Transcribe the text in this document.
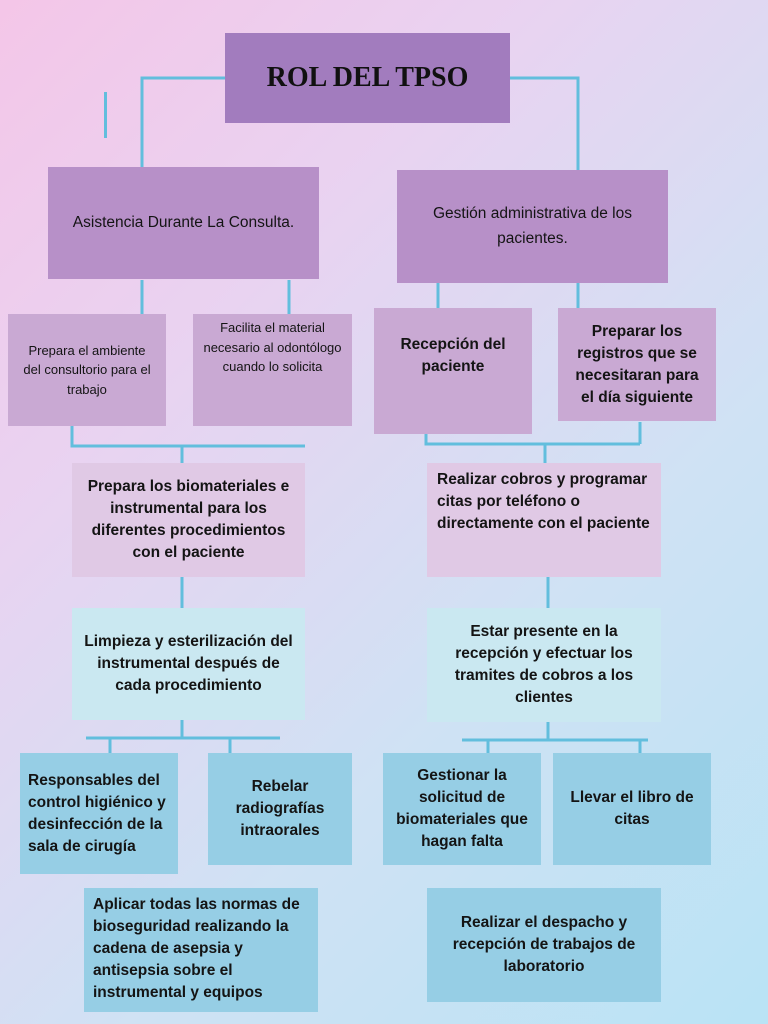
ROL DEL TPSO
Asistencia Durante La Consulta.	Gestión administrativa de los pacientes.
Prepara el ambiente del consultorio para el trabajo
Facilita el material necesario al odontólogo cuando lo solicita
Recepción del paciente
Preparar los registros que se necesitaran para el día siguiente
Prepara los biomateriales e instrumental para los diferentes procedimientos con el paciente
Realizar cobros y programar citas por teléfono o directamente con el paciente
Limpieza y esterilización del instrumental después de cada procedimiento
Estar presente en la recepción y efectuar los tramites de cobros a los clientes
Responsables del control higiénico y desinfección de la sala de cirugía
Rebelar radiografías intraorales
Gestionar la solicitud de biomateriales que hagan falta
Llevar el libro de citas
Aplicar todas las normas de bioseguridad realizando la cadena de asepsia y antisepsia sobre el instrumental y equipos
Realizar el despacho y recepción de trabajos de laboratorio
